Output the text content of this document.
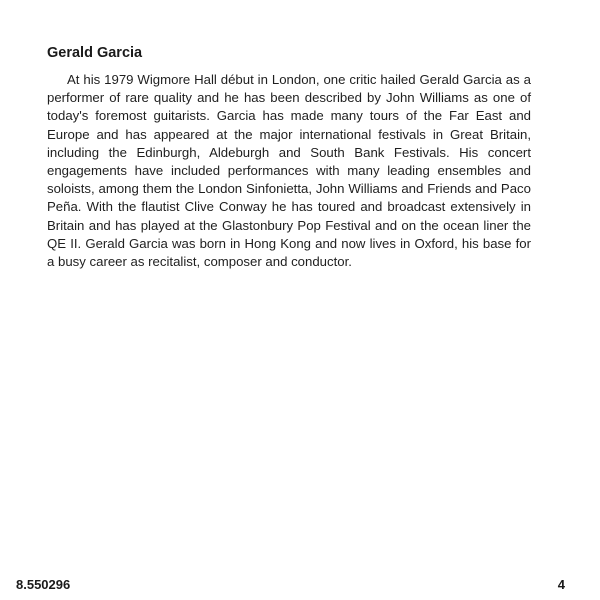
Gerald Garcia

At his 1979 Wigmore Hall début in London, one critic hailed Gerald Garcia as a performer of rare quality and he has been described by John Williams as one of today's foremost guitarists. Garcia has made many tours of the Far East and Europe and has appeared at the major international festivals in Great Britain, including the Edinburgh, Aldeburgh and South Bank Festivals. His concert engagements have included performances with many leading ensembles and soloists, among them the London Sinfonietta, John Williams and Friends and Paco Peña. With the flautist Clive Conway he has toured and broadcast extensively in Britain and has played at the Glastonbury Pop Festival and on the ocean liner the QE II. Gerald Garcia was born in Hong Kong and now lives in Oxford, his base for a busy career as recitalist, composer and conductor.

8.550296	4
